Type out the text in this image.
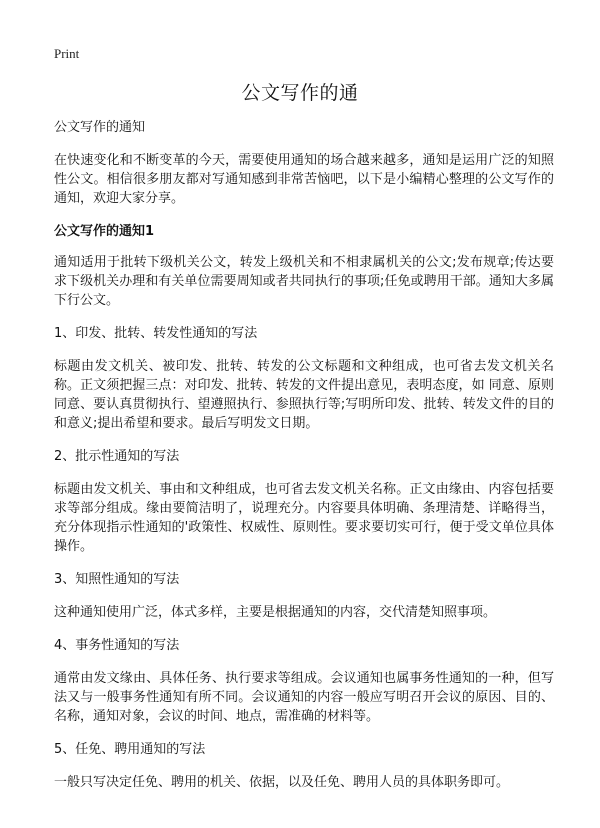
Print
公文写作的通

公文写作的通知

在快速变化和不断变革的今天，需要使用通知的场合越来越多，通知是运用广泛的知照性公文。相信很多朋友都对写通知感到非常苦恼吧，以下是小编精心整理的公文写作的通知，欢迎大家分享。

公文写作的通知1

通知适用于批转下级机关公文，转发上级机关和不相隶属机关的公文;发布规章;传达要求下级机关办理和有关单位需要周知或者共同执行的事项;任免或聘用干部。通知大多属下行公文。

1、印发、批转、转发性通知的写法

标题由发文机关、被印发、批转、转发的公文标题和文种组成，也可省去发文机关名称。正文须把握三点：对印发、批转、转发的文件提出意见，表明态度，如 同意、原则同意、要认真贯彻执行、望遵照执行、参照执行等;写明所印发、批转、转发文件的目的和意义;提出希望和要求。最后写明发文日期。

2、批示性通知的写法

标题由发文机关、事由和文种组成，也可省去发文机关名称。正文由缘由、内容包括要求等部分组成。缘由要简洁明了，说理充分。内容要具体明确、条理清楚、详略得当， 充分体现指示性通知的'政策性、权威性、原则性。要求要切实可行，便于受文单位具体操作。

3、知照性通知的写法

这种通知使用广泛，体式多样，主要是根据通知的内容，交代清楚知照事项。

4、事务性通知的写法

通常由发文缘由、具体任务、执行要求等组成。会议通知也属事务性通知的一种，但写法又与一般事务性通知有所不同。会议通知的内容一般应写明召开会议的原因、目的、名称，通知对象，会议的时间、地点，需准确的材料等。

5、任免、聘用通知的写法

一般只写决定任免、聘用的机关、依据，以及任免、聘用人员的具体职务即可。
